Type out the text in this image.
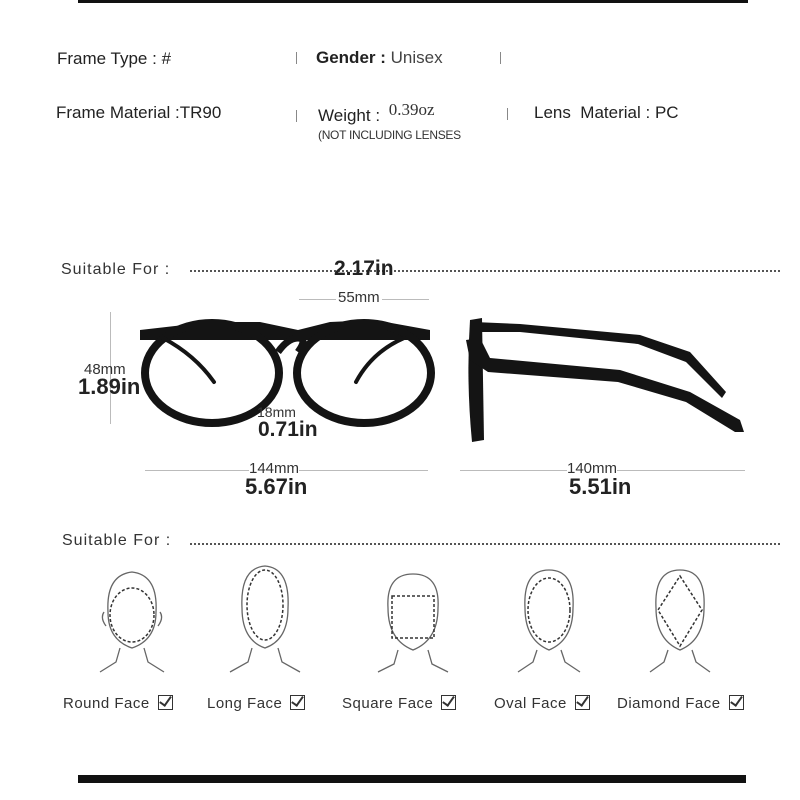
Frame Type : #	Gender : Unisex
Frame Material :TR90	Weight : 0.39oz
(NOT INCLUDING LENSES
Lens  Material : PC
Suitable For :	2.17in
55mm
48mm
1.89in
18mm
0.71in
144mm
5.67in
140mm
5.51in
Suitable For :
Round Face	Long Face	Square Face	Oval Face	Diamond Face
